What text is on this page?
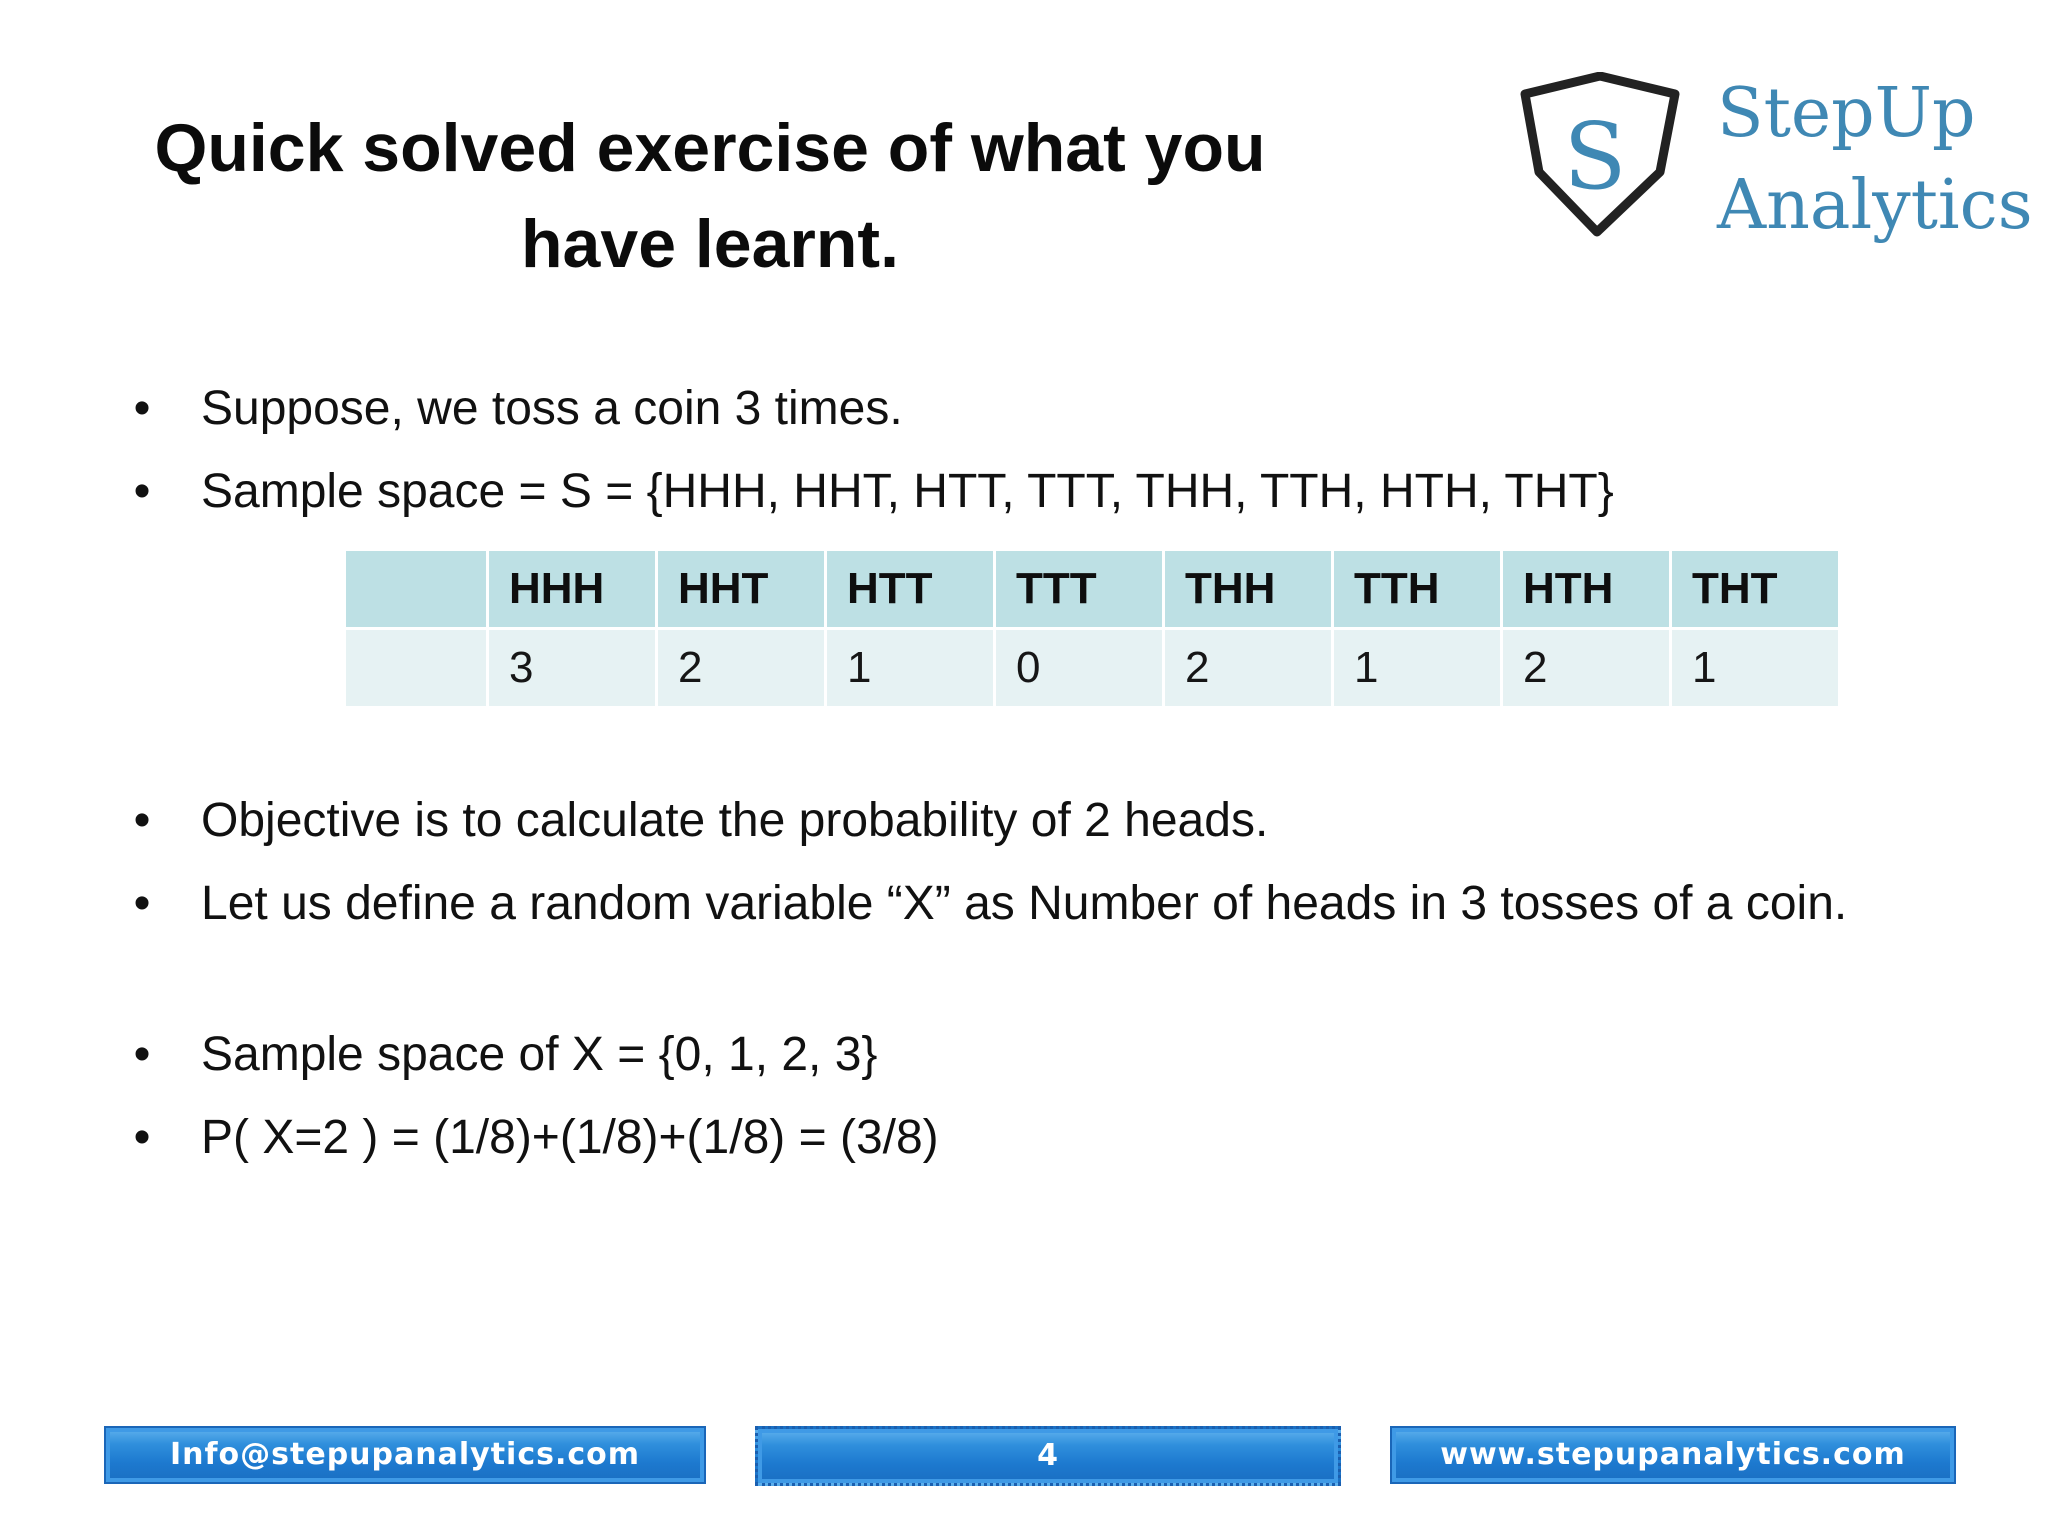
Quick solved exercise of what you
have learnt.
S StepUp
Analytics
• Suppose, we toss a coin 3 times.
• Sample space = S = {HHH, HHT, HTT, TTT, THH, TTH, HTH, THT}
	HHH	HHT	HTT	TTT	THH	TTH	HTH	THT
	3	2	1	0	2	1	2	1
• Objective is to calculate the probability of 2 heads.
• Let us define a random variable “X” as Number of heads in 3 tosses of a coin.
• Sample space of X = {0, 1, 2, 3}
• P( X=2 ) = (1/8)+(1/8)+(1/8) = (3/8)
Info@stepupanalytics.com	4	www.stepupanalytics.com
